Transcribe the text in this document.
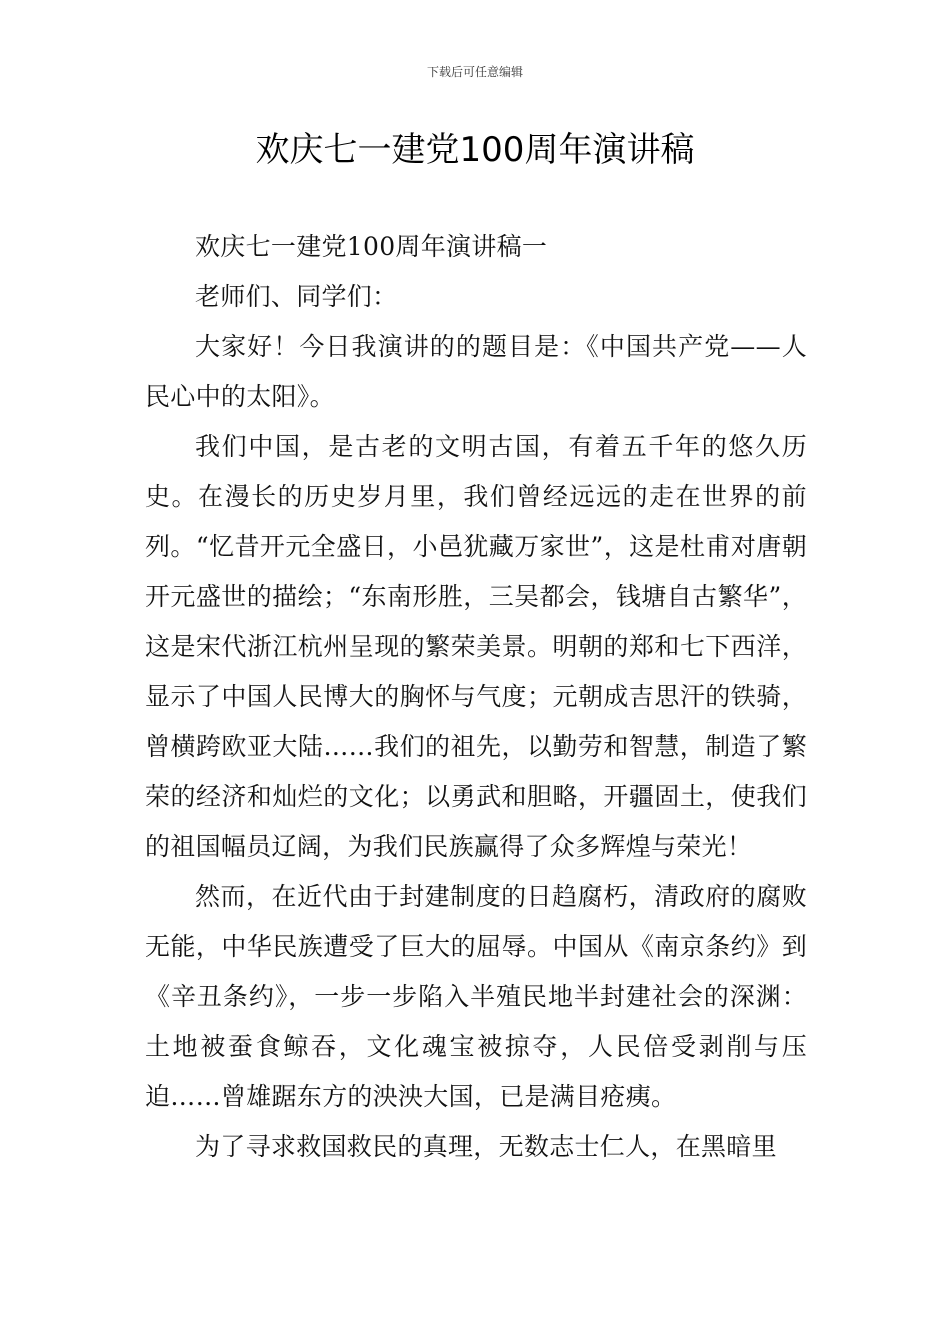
下载后可任意编辑
欢庆七一建党100周年演讲稿

欢庆七一建党100周年演讲稿一

老师们、同学们：

大家好！今日我演讲的的题目是：《中国共产党——人民心中的太阳》。

我们中国，是古老的文明古国，有着五千年的悠久历史。在漫长的历史岁月里，我们曾经远远的走在世界的前列。“忆昔开元全盛日，小邑犹藏万家世”，这是杜甫对唐朝开元盛世的描绘；“东南形胜，三吴都会，钱塘自古繁华”，这是宋代浙江杭州呈现的繁荣美景。明朝的郑和七下西洋，显示了中国人民博大的胸怀与气度；元朝成吉思汗的铁骑，曾横跨欧亚大陆……我们的祖先，以勤劳和智慧，制造了繁荣的经济和灿烂的文化；以勇武和胆略，开疆固土，使我们的祖国幅员辽阔，为我们民族赢得了众多辉煌与荣光！

然而，在近代由于封建制度的日趋腐朽，清政府的腐败无能，中华民族遭受了巨大的屈辱。中国从《南京条约》到《辛丑条约》，一步一步陷入半殖民地半封建社会的深渊：土地被蚕食鲸吞，文化魂宝被掠夺，人民倍受剥削与压迫……曾雄踞东方的泱泱大国，已是满目疮痍。

为了寻求救国救民的真理，无数志士仁人，在黑暗里
